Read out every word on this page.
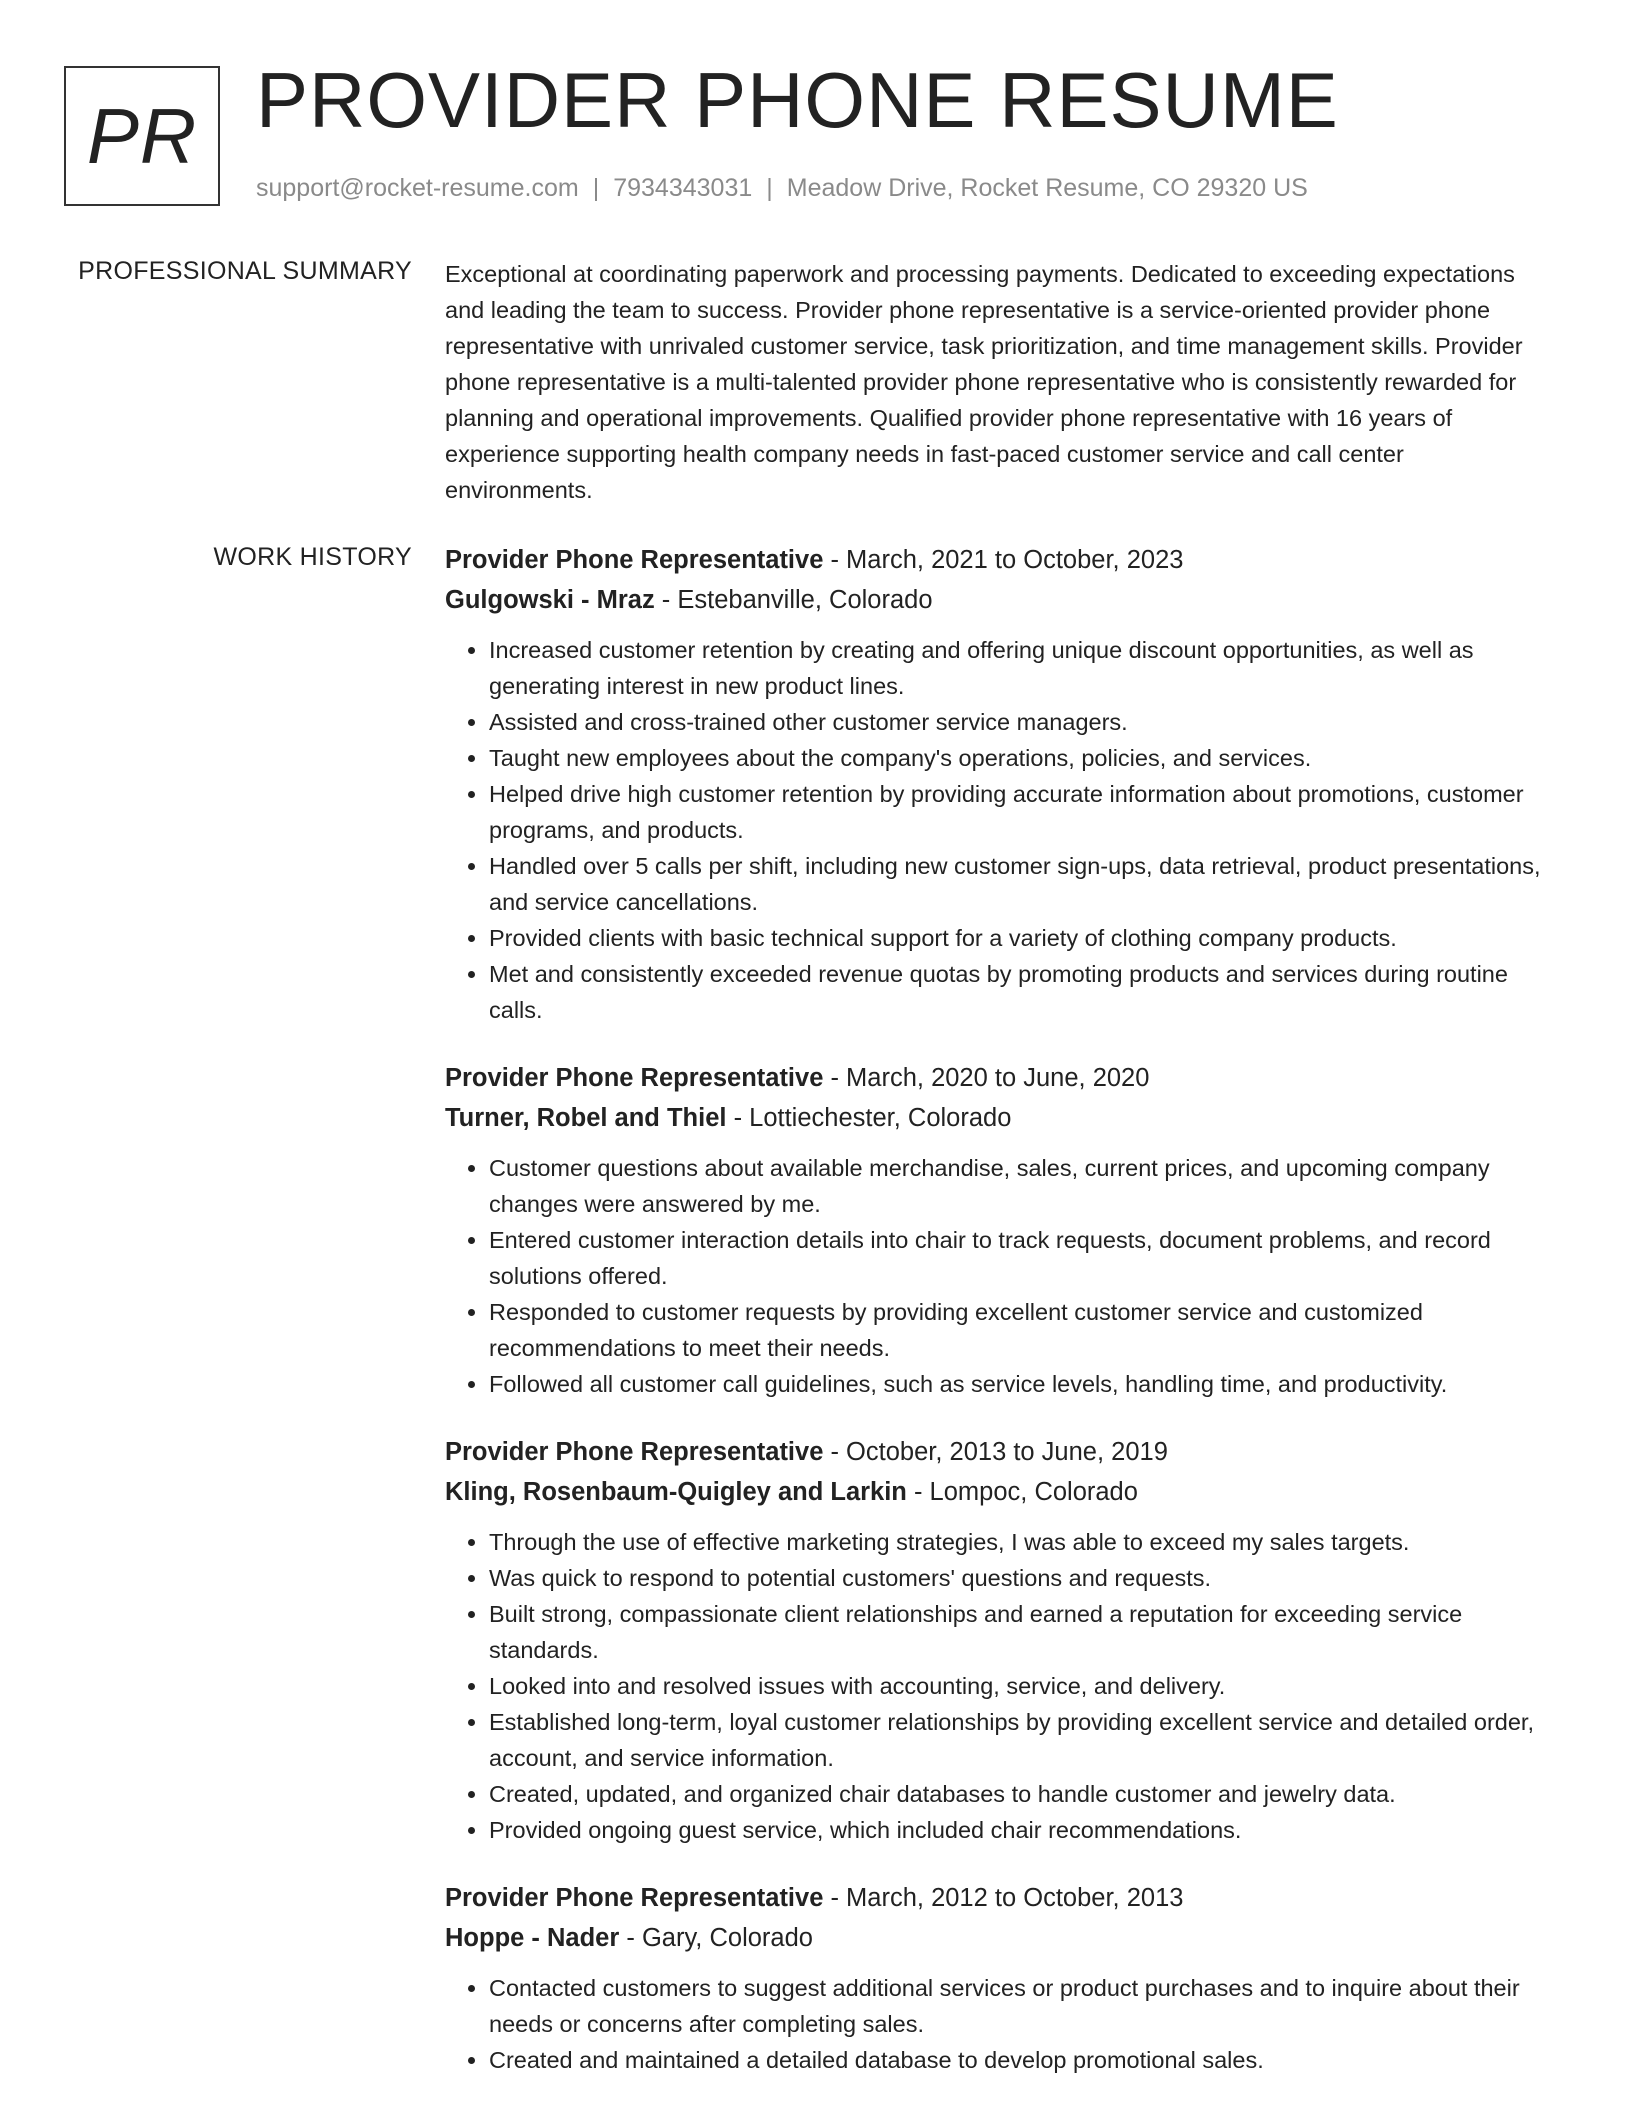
PR PROVIDER PHONE RESUME
support@rocket-resume.com | 7934343031 | Meadow Drive, Rocket Resume, CO 29320 US
PROFESSIONAL SUMMARY Exceptional at coordinating paperwork and processing payments. Dedicated to exceeding expectations and leading the team to success. Provider phone representative is a service-oriented provider phone representative with unrivaled customer service, task prioritization, and time management skills. Provider phone representative is a multi-talented provider phone representative who is consistently rewarded for planning and operational improvements. Qualified provider phone representative with 16 years of experience supporting health company needs in fast-paced customer service and call center environments.

WORK HISTORY Provider Phone Representative - March, 2021 to October, 2023
Gulgowski - Mraz - Estebanville, Colorado
• Increased customer retention by creating and offering unique discount opportunities, as well as generating interest in new product lines.
• Assisted and cross-trained other customer service managers.
• Taught new employees about the company's operations, policies, and services.
• Helped drive high customer retention by providing accurate information about promotions, customer programs, and products.
• Handled over 5 calls per shift, including new customer sign-ups, data retrieval, product presentations, and service cancellations.
• Provided clients with basic technical support for a variety of clothing company products.
• Met and consistently exceeded revenue quotas by promoting products and services during routine calls.
Provider Phone Representative - March, 2020 to June, 2020
Turner, Robel and Thiel - Lottiechester, Colorado
• Customer questions about available merchandise, sales, current prices, and upcoming company changes were answered by me.
• Entered customer interaction details into chair to track requests, document problems, and record solutions offered.
• Responded to customer requests by providing excellent customer service and customized recommendations to meet their needs.
• Followed all customer call guidelines, such as service levels, handling time, and productivity.
Provider Phone Representative - October, 2013 to June, 2019
Kling, Rosenbaum-Quigley and Larkin - Lompoc, Colorado
• Through the use of effective marketing strategies, I was able to exceed my sales targets.
• Was quick to respond to potential customers' questions and requests.
• Built strong, compassionate client relationships and earned a reputation for exceeding service standards.
• Looked into and resolved issues with accounting, service, and delivery.
• Established long-term, loyal customer relationships by providing excellent service and detailed order, account, and service information.
• Created, updated, and organized chair databases to handle customer and jewelry data.
• Provided ongoing guest service, which included chair recommendations.
Provider Phone Representative - March, 2012 to October, 2013
Hoppe - Nader - Gary, Colorado
• Contacted customers to suggest additional services or product purchases and to inquire about their needs or concerns after completing sales.
• Created and maintained a detailed database to develop promotional sales.
